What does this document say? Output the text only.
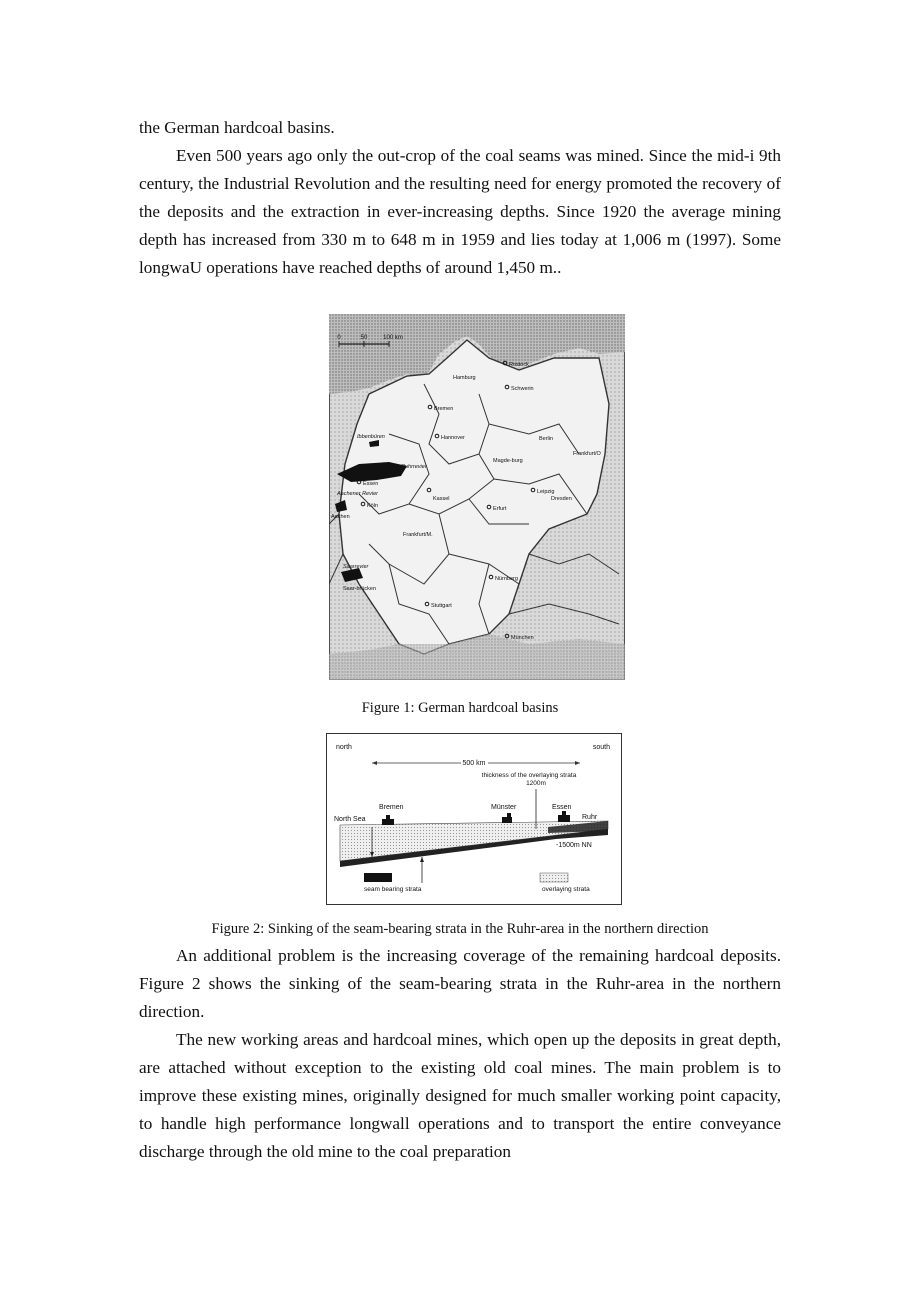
the German hardcoal basins.

Even 500 years ago only the out-crop of the coal seams was mined. Since the mid-i 9th century, the Industrial Revolution and the resulting need for energy promoted the recovery of the deposits and the extraction in ever-increasing depths. Since 1920 the average mining depth has increased from 330 m to 648 m in 1959 and lies today at 1,006 m (1997). Some longwaU operations have reached depths of around 1,450 m..

0	50	100 km
Rostock
Hamburg
Schwerin
Bremen
Ibbenbüren	Hannover	Berlin
Frankfurt/O
Ruhrrevier
Magde-burg
Essen
Aachener Revier
Kassel
Leipzig
Dresden
Aachen
Köln	Erfurt
Frankfurt/M.
Saarrevier
Saar-brücken
Nürnberg
Stuttgart
München

Figure 1: German hardcoal basins

north	south
500 km
thickness of the overlaying strata
1200m
Bremen	Münster	Essen
North Sea	Ruhr
-1500m NN
seam bearing strata	overlaying strata

Figure 2: Sinking of the seam-bearing strata in the Ruhr-area in the northern direction

An additional problem is the increasing coverage of the remaining hardcoal deposits. Figure 2 shows the sinking of the seam-bearing strata in the Ruhr-area in the northern direction.

The new working areas and hardcoal mines, which open up the deposits in great depth, are attached without exception to the existing old coal mines. The main problem is to improve these existing mines, originally designed for much smaller working point capacity, to handle high performance longwall operations and to transport the entire conveyance discharge through the old mine to the coal preparation
